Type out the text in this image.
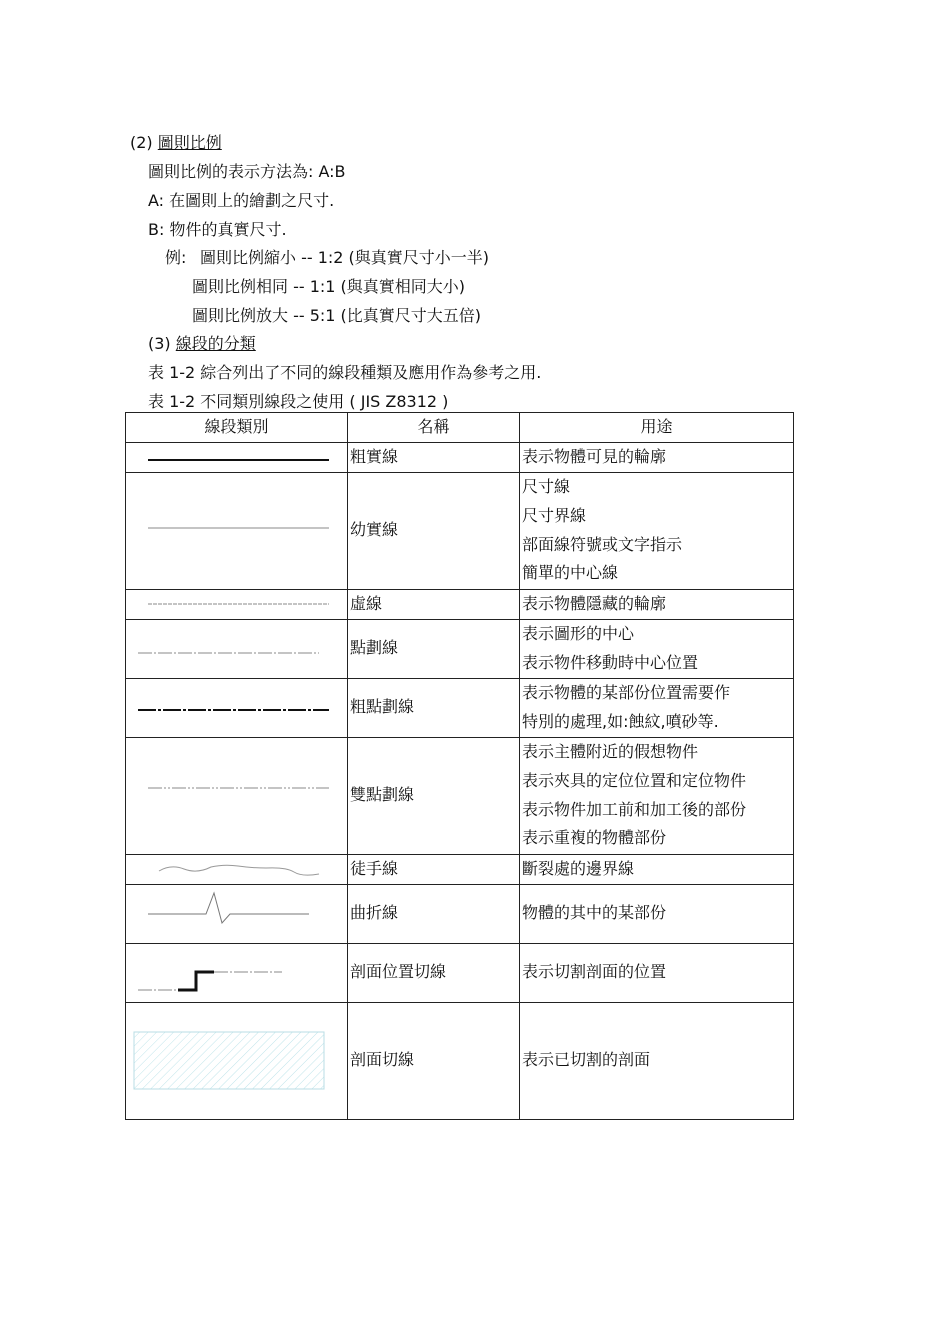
(2) 圖則比例
圖則比例的表示方法為: A:B
A: 在圖則上的繪劃之尺寸.
B: 物件的真實尺寸.
例: 圖則比例縮小 -- 1:2 (與真實尺寸小一半)
圖則比例相同 -- 1:1 (與真實相同大小)
圖則比例放大 -- 5:1 (比真實尺寸大五倍)
(3) 線段的分類
表 1-2 綜合列出了不同的線段種類及應用作為參考之用.
表 1-2 不同類別線段之使用 ( JIS Z8312 )
線段類別	名稱	用途

	粗實線	表示物體可見的輪廓

	幼實線	尺寸線
尺寸界線
部面線符號或文字指示
簡單的中心線

	虛線	表示物體隱藏的輪廓

	點劃線	表示圖形的中心
表示物件移動時中心位置

	粗點劃線	表示物體的某部份位置需要作
特別的處理,如:蝕紋,噴砂等.

	雙點劃線	表示主體附近的假想物件
表示夾具的定位位置和定位物件
表示物件加工前和加工後的部份
表示重複的物體部份

	徒手線	斷裂處的邊界線

	曲折線	物體的其中的某部份

	剖面位置切線	表示切割剖面的位置

	剖面切線	表示已切割的剖面
